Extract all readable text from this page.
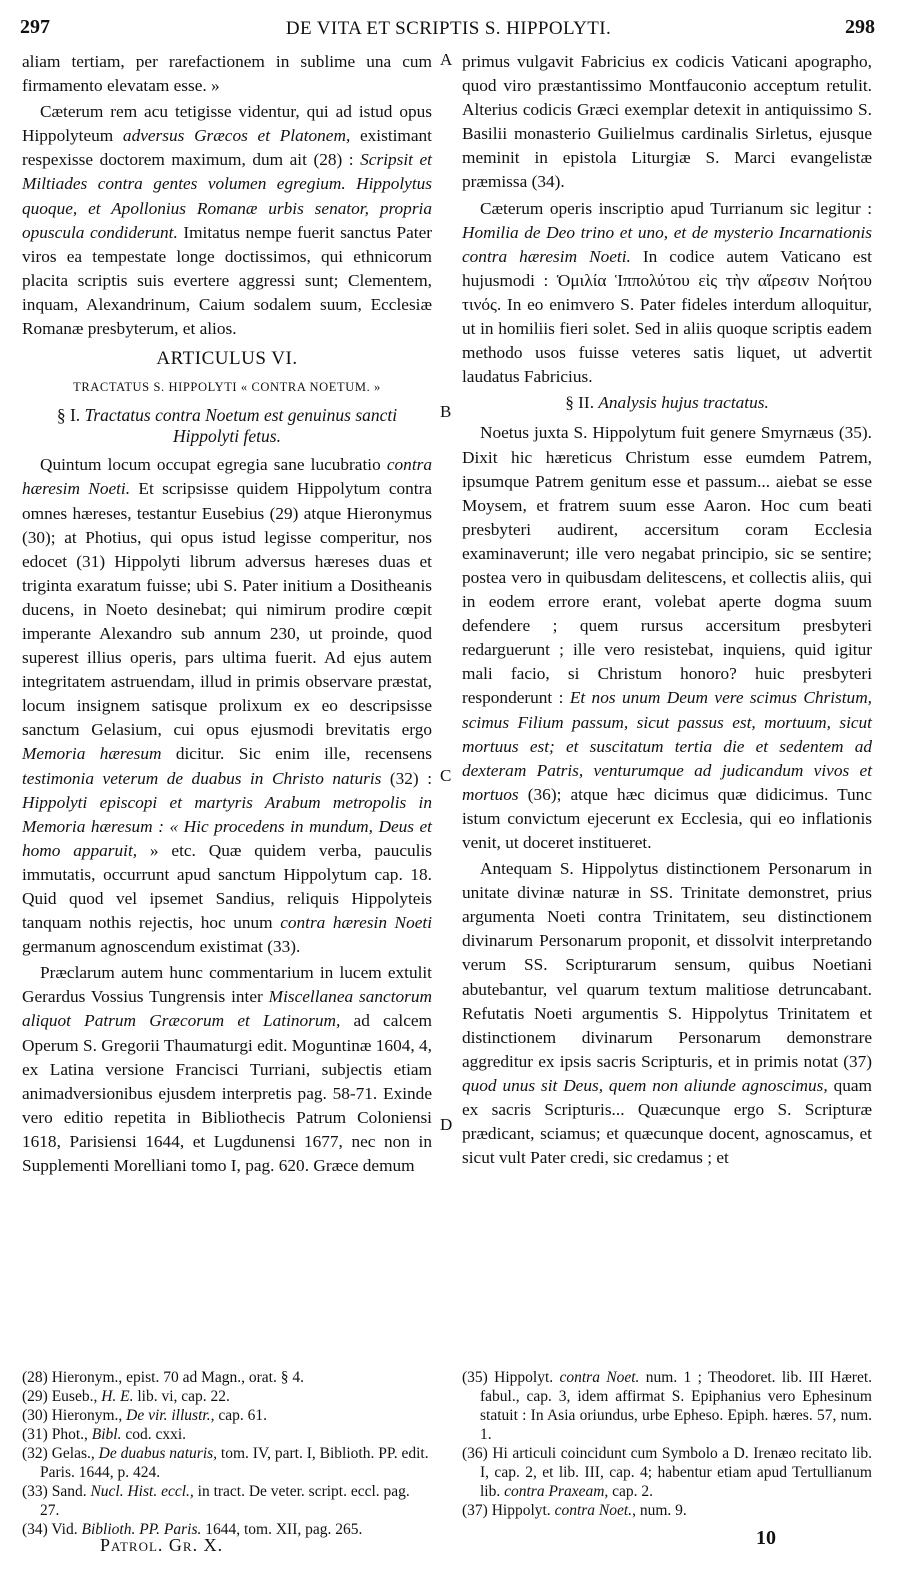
297	DE VITA ET SCRIPTIS S. HIPPOLYTI.	298
A
B
C
D

aliam tertiam, per rarefactionem in sublime una cum firmamento elevatam esse. »

Cæterum rem acu tetigisse videntur, qui ad istud opus Hippolyteum adversus Græcos et Platonem, existimant respexisse doctorem maximum, dum ait (28) : Scripsit et Miltiades contra gentes volumen egregium. Hippolytus quoque, et Apollonius Romanæ urbis senator, propria opuscula condiderunt. Imitatus nempe fuerit sanctus Pater viros ea tempestate longe doctissimos, qui ethnicorum placita scriptis suis evertere aggressi sunt; Clementem, inquam, Alexandrinum, Caium sodalem suum, Ecclesiæ Romanæ presbyterum, et alios.

ARTICULUS VI.
TRACTATUS S. HIPPOLYTI « CONTRA NOETUM. »
§ I. Tractatus contra Noetum est genuinus sancti Hippolyti fetus.

Quintum locum occupat egregia sane lucubratio contra hæresim Noeti. Et scripsisse quidem Hippolytum contra omnes hæreses, testantur Eusebius (29) atque Hieronymus (30); at Photius, qui opus istud legisse comperitur, nos edocet (31) Hippolyti librum adversus hæreses duas et triginta exaratum fuisse; ubi S. Pater initium a Dositheanis ducens, in Noeto desinebat; qui nimirum prodire cœpit imperante Alexandro sub annum 230, ut proinde, quod superest illius operis, pars ultima fuerit. Ad ejus autem integritatem astruendam, illud in primis observare præstat, locum insignem satisque prolixum ex eo descripsisse sanctum Gelasium, cui opus ejusmodi brevitatis ergo Memoria hæresum dicitur. Sic enim ille, recensens testimonia veterum de duabus in Christo naturis (32) : Hippolyti episcopi et martyris Arabum metropolis in Memoria hæresum : « Hic procedens in mundum, Deus et homo apparuit, » etc. Quæ quidem verba, pauculis immutatis, occurrunt apud sanctum Hippolytum cap. 18. Quid quod vel ipsemet Sandius, reliquis Hippolyteis tanquam nothis rejectis, hoc unum contra hæresin Noeti germanum agnoscendum existimat (33).

Præclarum autem hunc commentarium in lucem extulit Gerardus Vossius Tungrensis inter Miscellanea sanctorum aliquot Patrum Græcorum et Latinorum, ad calcem Operum S. Gregorii Thaumaturgi edit. Moguntinæ 1604, 4, ex Latina versione Francisci Turriani, subjectis etiam animadversionibus ejusdem interpretis pag. 58-71. Exinde vero editio repetita in Bibliothecis Patrum Coloniensi 1618, Parisiensi 1644, et Lugdunensi 1677, nec non in Supplementi Morelliani tomo I, pag. 620. Græce demum

primus vulgavit Fabricius ex codicis Vaticani apographo, quod viro præstantissimo Montfauconio acceptum retulit. Alterius codicis Græci exemplar detexit in antiquissimo S. Basilii monasterio Guilielmus cardinalis Sirletus, ejusque meminit in epistola Liturgiæ S. Marci evangelistæ præmissa (34).

Cæterum operis inscriptio apud Turrianum sic legitur : Homilia de Deo trino et uno, et de mysterio Incarnationis contra hæresim Noeti. In codice autem Vaticano est hujusmodi : Ὁμιλία Ἱππολύτου εἰς τὴν αἵρεσιν Νοήτου τινός. In eo enimvero S. Pater fideles interdum alloquitur, ut in homiliis fieri solet. Sed in aliis quoque scriptis eadem methodo usos fuisse veteres satis liquet, ut advertit laudatus Fabricius.

§ II. Analysis hujus tractatus.

Noetus juxta S. Hippolytum fuit genere Smyrnæus (35). Dixit hic hæreticus Christum esse eumdem Patrem, ipsumque Patrem genitum esse et passum... aiebat se esse Moysem, et fratrem suum esse Aaron. Hoc cum beati presbyteri audirent, accersitum coram Ecclesia examinaverunt; ille vero negabat principio, sic se sentire; postea vero in quibusdam delitescens, et collectis aliis, qui in eodem errore erant, volebat aperte dogma suum defendere ; quem rursus accersitum presbyteri redarguerunt ; ille vero resistebat, inquiens, quid igitur mali facio, si Christum honoro? huic presbyteri responderunt : Et nos unum Deum vere scimus Christum, scimus Filium passum, sicut passus est, mortuum, sicut mortuus est; et suscitatum tertia die et sedentem ad dexteram Patris, venturumque ad judicandum vivos et mortuos (36); atque hæc dicimus quæ didicimus. Tunc istum convictum ejecerunt ex Ecclesia, qui eo inflationis venit, ut doceret institueret.

Antequam S. Hippolytus distinctionem Personarum in unitate divinæ naturæ in SS. Trinitate demonstret, prius argumenta Noeti contra Trinitatem, seu distinctionem divinarum Personarum proponit, et dissolvit interpretando verum SS. Scripturarum sensum, quibus Noetiani abutebantur, vel quarum textum malitiose detruncabant. Refutatis Noeti argumentis S. Hippolytus Trinitatem et distinctionem divinarum Personarum demonstrare aggreditur ex ipsis sacris Scripturis, et in primis notat (37) quod unus sit Deus, quem non aliunde agnoscimus, quam ex sacris Scripturis... Quæcunque ergo S. Scripturæ prædicant, sciamus; et quæcunque docent, agnoscamus, et sicut vult Pater credi, sic credamus ; et

(28) Hieronym., epist. 70 ad Magn., orat. § 4.
(29) Euseb., H. E. lib. vi, cap. 22.
(30) Hieronym., De vir. illustr., cap. 61.
(31) Phot., Bibl. cod. cxxi.
(32) Gelas., De duabus naturis, tom. IV, part. I, Biblioth. PP. edit. Paris. 1644, p. 424.
(33) Sand. Nucl. Hist. eccl., in tract. De veter. script. eccl. pag. 27.
(34) Vid. Biblioth. PP. Paris. 1644, tom. XII, pag. 265.
(35) Hippolyt. contra Noet. num. 1 ; Theodoret. lib. III Hæret. fabul., cap. 3, idem affirmat S. Epiphanius vero Ephesinum statuit : In Asia oriundus, urbe Epheso. Epiph. hæres. 57, num. 1.
(36) Hi articuli coincidunt cum Symbolo a D. Irenæo recitato lib. I, cap. 2, et lib. III, cap. 4; habentur etiam apud Tertullianum lib. contra Praxeam, cap. 2.
(37) Hippolyt. contra Noet., num. 9.
Patrol. Gr. X.	10
